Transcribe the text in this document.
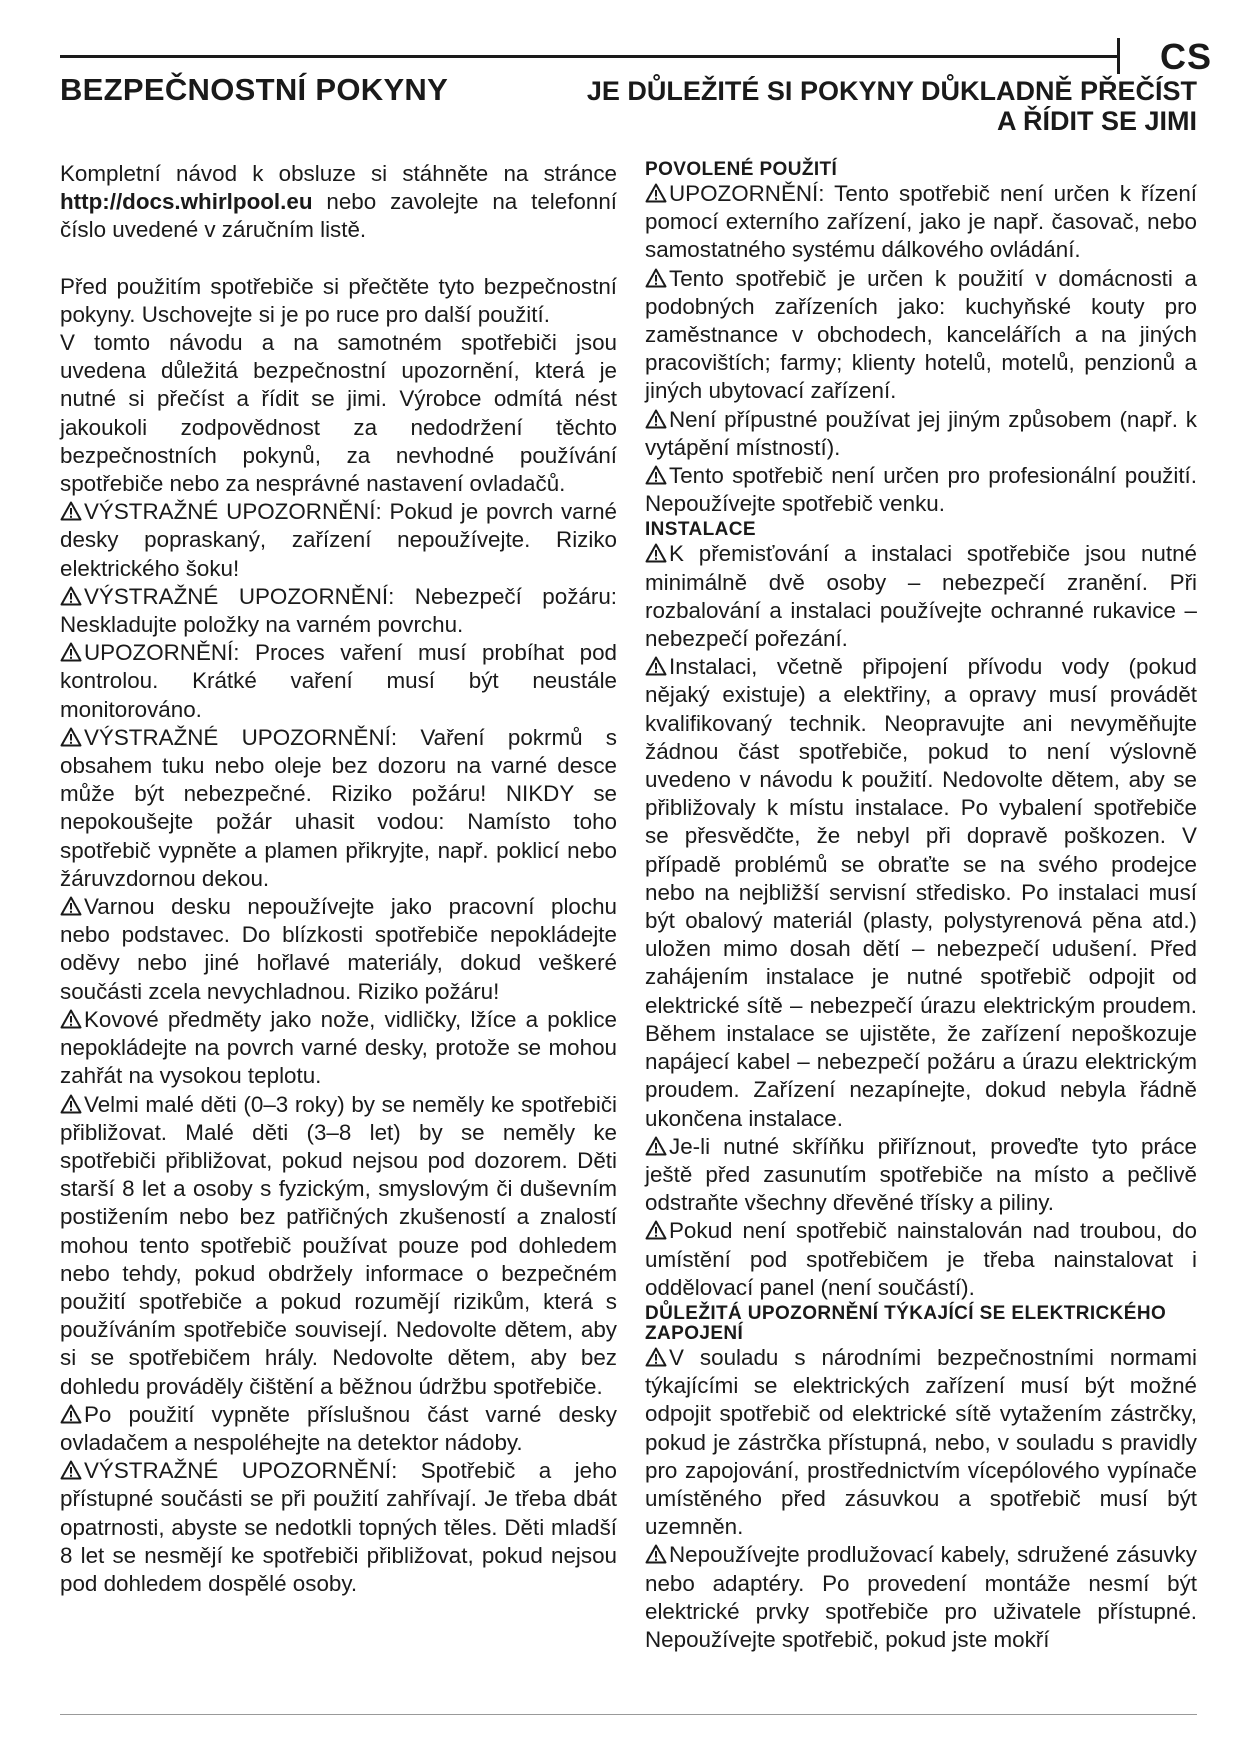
CS
BEZPEČNOSTNÍ POKYNY	JE DŮLEŽITÉ SI POKYNY DŮKLADNĚ PŘEČÍST
A ŘÍDIT SE JIMI

Kompletní návod k obsluze si stáhněte na stránce http://docs.whirlpool.eu nebo zavolejte na telefonní číslo uvedené v záručním listě.

Před použitím spotřebiče si přečtěte tyto bezpečnostní pokyny. Uschovejte si je po ruce pro další použití.

V tomto návodu a na samotném spotřebiči jsou uvedena důležitá bezpečnostní upozornění, která je nutné si přečíst a řídit se jimi. Výrobce odmítá nést jakoukoli zodpovědnost za nedodržení těchto bezpečnostních pokynů, za nevhodné používání spotřebiče nebo za nesprávné nastavení ovladačů.

VÝSTRAŽNÉ UPOZORNĚNÍ: Pokud je povrch varné desky popraskaný, zařízení nepoužívejte. Riziko elektrického šoku!

VÝSTRAŽNÉ UPOZORNĚNÍ: Nebezpečí požáru: Neskladujte položky na varném povrchu.

UPOZORNĚNÍ: Proces vaření musí probíhat pod kontrolou. Krátké vaření musí být neustále monitorováno.

VÝSTRAŽNÉ UPOZORNĚNÍ: Vaření pokrmů s obsahem tuku nebo oleje bez dozoru na varné desce může být nebezpečné. Riziko požáru! NIKDY se nepokoušejte požár uhasit vodou: Namísto toho spotřebič vypněte a plamen přikryjte, např. poklicí nebo žáruvzdornou dekou.

Varnou desku nepoužívejte jako pracovní plochu nebo podstavec. Do blízkosti spotřebiče nepokládejte oděvy nebo jiné hořlavé materiály, dokud veškeré součásti zcela nevychladnou. Riziko požáru!

Kovové předměty jako nože, vidličky, lžíce a poklice nepokládejte na povrch varné desky, protože se mohou zahřát na vysokou teplotu.

Velmi malé děti (0–3 roky) by se neměly ke spotřebiči přibližovat. Malé děti (3–8 let) by se neměly ke spotřebiči přibližovat, pokud nejsou pod dozorem. Děti starší 8 let a osoby s fyzickým, smyslovým či duševním postižením nebo bez patřičných zkušeností a znalostí mohou tento spotřebič používat pouze pod dohledem nebo tehdy, pokud obdržely informace o bezpečném použití spotřebiče a pokud rozumějí rizikům, která s používáním spotřebiče souvisejí. Nedovolte dětem, aby si se spotřebičem hrály. Nedovolte dětem, aby bez dohledu prováděly čištění a běžnou údržbu spotřebiče.

Po použití vypněte příslušnou část varné desky ovladačem a nespoléhejte na detektor nádoby.

VÝSTRAŽNÉ UPOZORNĚNÍ: Spotřebič a jeho přístupné součásti se při použití zahřívají. Je třeba dbát opatrnosti, abyste se nedotkli topných těles. Děti mladší 8 let se nesmějí ke spotřebiči přibližovat, pokud nejsou pod dohledem dospělé osoby.

POVOLENÉ POUŽITÍ

UPOZORNĚNÍ: Tento spotřebič není určen k řízení pomocí externího zařízení, jako je např. časovač, nebo samostatného systému dálkového ovládání.

Tento spotřebič je určen k použití v domácnosti a podobných zařízeních jako: kuchyňské kouty pro zaměstnance v obchodech, kancelářích a na jiných pracovištích; farmy; klienty hotelů, motelů, penzionů a jiných ubytovací zařízení.

Není přípustné používat jej jiným způsobem (např. k vytápění místností).

Tento spotřebič není určen pro profesionální použití. Nepoužívejte spotřebič venku.

INSTALACE

K přemisťování a instalaci spotřebiče jsou nutné minimálně dvě osoby – nebezpečí zranění. Při rozbalování a instalaci používejte ochranné rukavice – nebezpečí pořezání.

Instalaci, včetně připojení přívodu vody (pokud nějaký existuje) a elektřiny, a opravy musí provádět kvalifikovaný technik. Neopravujte ani nevyměňujte žádnou část spotřebiče, pokud to není výslovně uvedeno v návodu k použití. Nedovolte dětem, aby se přibližovaly k místu instalace. Po vybalení spotřebiče se přesvědčte, že nebyl při dopravě poškozen. V případě problémů se obraťte se na svého prodejce nebo na nejbližší servisní středisko. Po instalaci musí být obalový materiál (plasty, polystyrenová pěna atd.) uložen mimo dosah dětí – nebezpečí udušení. Před zahájením instalace je nutné spotřebič odpojit od elektrické sítě – nebezpečí úrazu elektrickým proudem. Během instalace se ujistěte, že zařízení nepoškozuje napájecí kabel – nebezpečí požáru a úrazu elektrickým proudem. Zařízení nezapínejte, dokud nebyla řádně ukončena instalace.

Je-li nutné skříňku přiříznout, proveďte tyto práce ještě před zasunutím spotřebiče na místo a pečlivě odstraňte všechny dřevěné třísky a piliny.

Pokud není spotřebič nainstalován nad troubou, do umístění pod spotřebičem je třeba nainstalovat i oddělovací panel (není součástí).

DŮLEŽITÁ UPOZORNĚNÍ TÝKAJÍCÍ SE ELEKTRICKÉHO ZAPOJENÍ

V souladu s národními bezpečnostními normami týkajícími se elektrických zařízení musí být možné odpojit spotřebič od elektrické sítě vytažením zástrčky, pokud je zástrčka přístupná, nebo, v souladu s pravidly pro zapojování, prostřednictvím vícepólového vypínače umístěného před zásuvkou a spotřebič musí být uzemněn.

Nepoužívejte prodlužovací kabely, sdružené zásuvky nebo adaptéry. Po provedení montáže nesmí být elektrické prvky spotřebiče pro uživatele přístupné. Nepoužívejte spotřebič, pokud jste mokří
